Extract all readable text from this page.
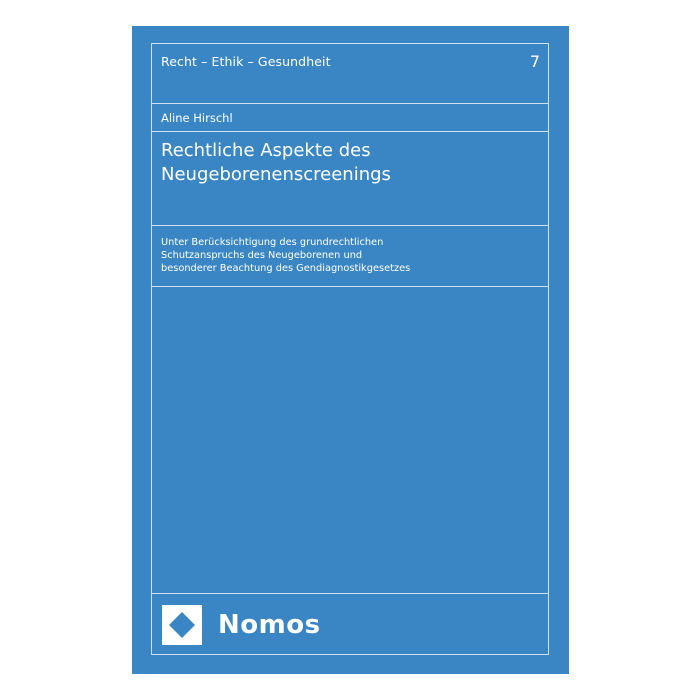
Recht – Ethik – Gesundheit	7
Aline Hirschl
Rechtliche Aspekte des
Neugeborenenscreenings
Unter Berücksichtigung des grundrechtlichen
Schutzanspruchs des Neugeborenen und
besonderer Beachtung des Gendiagnostikgesetzes
Nomos
